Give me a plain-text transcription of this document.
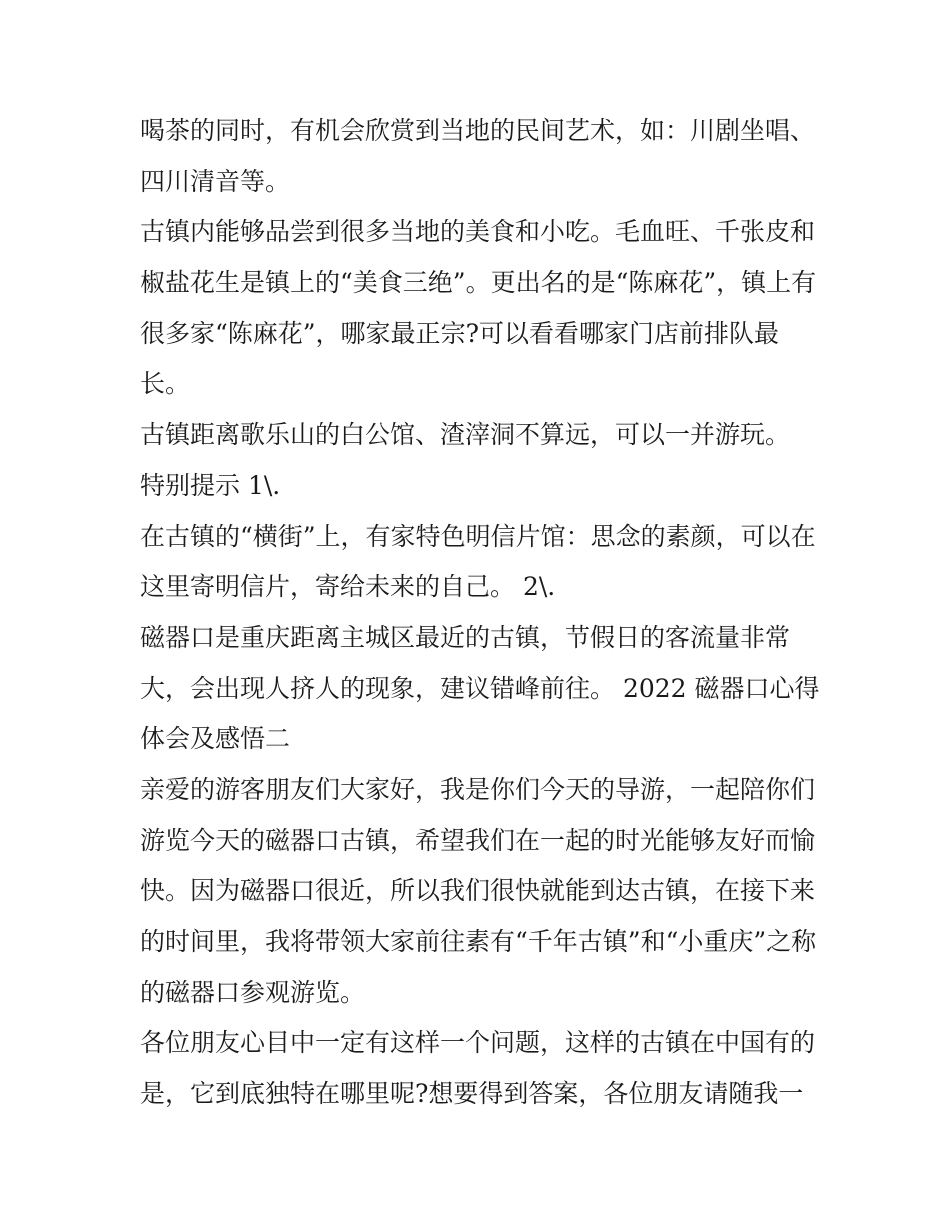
喝茶的同时，有机会欣赏到当地的民间艺术，如：川剧坐唱、
四川清音等。
古镇内能够品尝到很多当地的美食和小吃。毛血旺、千张皮和
椒盐花生是镇上的“美食三绝”。更出名的是“陈麻花”，镇上有
很多家“陈麻花”，哪家最正宗?可以看看哪家门店前排队最
长。
古镇距离歌乐山的白公馆、渣滓洞不算远，可以一并游玩。
特别提示 1\.
在古镇的“横街”上，有家特色明信片馆：思念的素颜，可以在
这里寄明信片，寄给未来的自己。 2\.
磁器口是重庆距离主城区最近的古镇，节假日的客流量非常
大，会出现人挤人的现象，建议错峰前往。 2022 磁器口心得
体会及感悟二
亲爱的游客朋友们大家好，我是你们今天的导游，一起陪你们
游览今天的磁器口古镇，希望我们在一起的时光能够友好而愉
快。因为磁器口很近，所以我们很快就能到达古镇，在接下来
的时间里，我将带领大家前往素有“千年古镇”和“小重庆”之称
的磁器口参观游览。
各位朋友心目中一定有这样一个问题，这样的古镇在中国有的
是，它到底独特在哪里呢?想要得到答案，各位朋友请随我一
